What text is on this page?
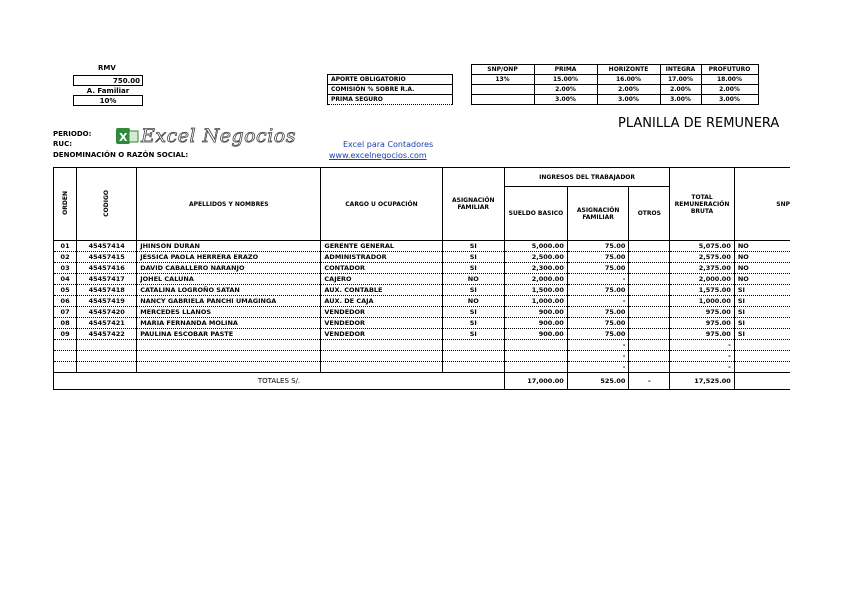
RMV
750.00
A. Familiar
10%
		SNP/ONP	PRIMA	HORIZONTE	INTEGRA	PROFUTURO
APORTE OBLIGATORIO		13%	15.00%	16.00%	17.00%	18.00%
COMISIÓN % SOBRE R.A.			2.00%	2.00%	2.00%	2.00%
PRIMA SEGURO			3.00%	3.00%	3.00%	3.00%
PLANILLA DE REMUNERA
PERIODO:
RUC:
DENOMINACIÓN O RAZÓN SOCIAL:
X Excel Negocios	Excel para Contadores
www.excelnegocios.com
ORDEN	CODIGO	APELLIDOS Y NOMBRES	CARGO U OCUPACIÓN	ASIGNACIÓN FAMILIAR	INGRESOS DEL TRABAJADOR			TOTAL REMUNERACIÓN BRUTA	SNP
					SUELDO BASICO	ASIGNACIÓN FAMILIAR	OTROS		
01	45457414	JHINSON DURAN	GERENTE GENERAL	SI	5,000.00	75.00		5,075.00	NO
02	45457415	JESSICA PAOLA HERRERA ERAZO	ADMINISTRADOR	SI	2,500.00	75.00		2,575.00	NO
03	45457416	DAVID CABALLERO NARANJO	CONTADOR	SI	2,300.00	75.00		2,375.00	NO
04	45457417	JOHEL CALUNA	CAJERO	NO	2,000.00	-		2,000.00	NO
05	45457418	CATALINA LOGROÑO SATAN	AUX. CONTABLE	SI	1,500.00	75.00		1,575.00	SI
06	45457419	NANCY GABRIELA PANCHI UMAGINGA	AUX. DE CAJA	NO	1,000.00	-		1,000.00	SI
07	45457420	MERCEDES LLANOS	VENDEDOR	SI	900.00	75.00		975.00	SI
08	45457421	MARIA FERNANDA MOLINA	VENDEDOR	SI	900.00	75.00		975.00	SI
09	45457422	PAULINA ESCOBAR PASTE	VENDEDOR	SI	900.00	75.00		975.00	SI
						-		-	
						-		-	
						-		-	
TOTALES S/.					17,000.00	525.00	-	17,525.00	
